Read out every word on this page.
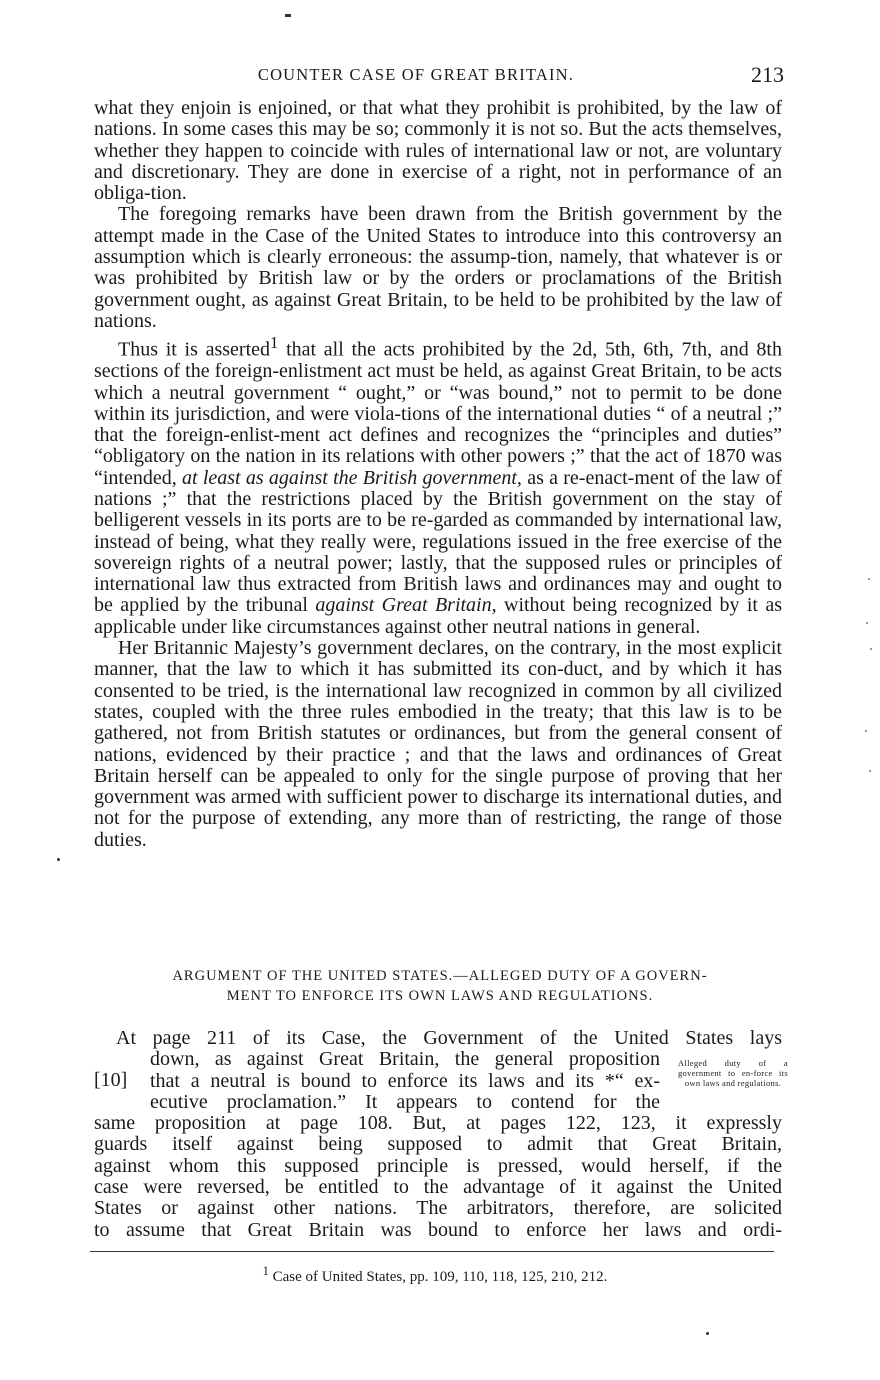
COUNTER CASE OF GREAT BRITAIN.	213

what they enjoin is enjoined, or that what they prohibit is prohibited, by the law of nations. In some cases this may be so; commonly it is not so. But the acts themselves, whether they happen to coincide with rules of international law or not, are voluntary and discretionary. They are done in exercise of a right, not in performance of an obliga-tion.

The foregoing remarks have been drawn from the British government by the attempt made in the Case of the United States to introduce into this controversy an assumption which is clearly erroneous: the assump-tion, namely, that whatever is or was prohibited by British law or by the orders or proclamations of the British government ought, as against Great Britain, to be held to be prohibited by the law of nations.

Thus it is asserted$^1$ that all the acts prohibited by the 2d, 5th, 6th, 7th, and 8th sections of the foreign-enlistment act must be held, as against Great Britain, to be acts which a neutral government “ ought,” or “was bound,” not to permit to be done within its jurisdiction, and were viola-tions of the international duties “ of a neutral ;” that the foreign-enlist-ment act defines and recognizes the “principles and duties” “obligatory on the nation in its relations with other powers ;” that the act of 1870 was “intended, at least as against the British government, as a re-enact-ment of the law of nations ;” that the restrictions placed by the British government on the stay of belligerent vessels in its ports are to be re-garded as commanded by international law, instead of being, what they really were, regulations issued in the free exercise of the sovereign rights of a neutral power; lastly, that the supposed rules or principles of international law thus extracted from British laws and ordinances may and ought to be applied by the tribunal against Great Britain, without being recognized by it as applicable under like circumstances against other neutral nations in general.

Her Britannic Majesty’s government declares, on the contrary, in the most explicit manner, that the law to which it has submitted its con-duct, and by which it has consented to be tried, is the international law recognized in common by all civilized states, coupled with the three rules embodied in the treaty; that this law is to be gathered, not from British statutes or ordinances, but from the general consent of nations, evidenced by their practice ; and that the laws and ordinances of Great Britain herself can be appealed to only for the single purpose of proving that her government was armed with sufficient power to discharge its international duties, and not for the purpose of extending, any more than of restricting, the range of those duties.

ARGUMENT OF THE UNITED STATES.—ALLEGED DUTY OF A GOVERN-
MENT TO ENFORCE ITS OWN LAWS AND REGULATIONS.
At page 211 of its Case, the Government of the United States lays
down, as against Great Britain, the general proposition
that a neutral is bound to enforce its laws and its *“ ex-
ecutive proclamation.” It appears to contend for the
same proposition at page 108. But, at pages 122, 123, it expressly
guards itself against being supposed to admit that Great Britain,
against whom this supposed principle is pressed, would herself, if the
case were reversed, be entitled to the advantage of it against the United
States or against other nations. The arbitrators, therefore, are solicited
to assume that Great Britain was bound to enforce her laws and ordi-
[10]
Alleged duty of a government to en-force its own laws and regulations.
$^1$ Case of United States, pp. 109, 110, 118, 125, 210, 212.
